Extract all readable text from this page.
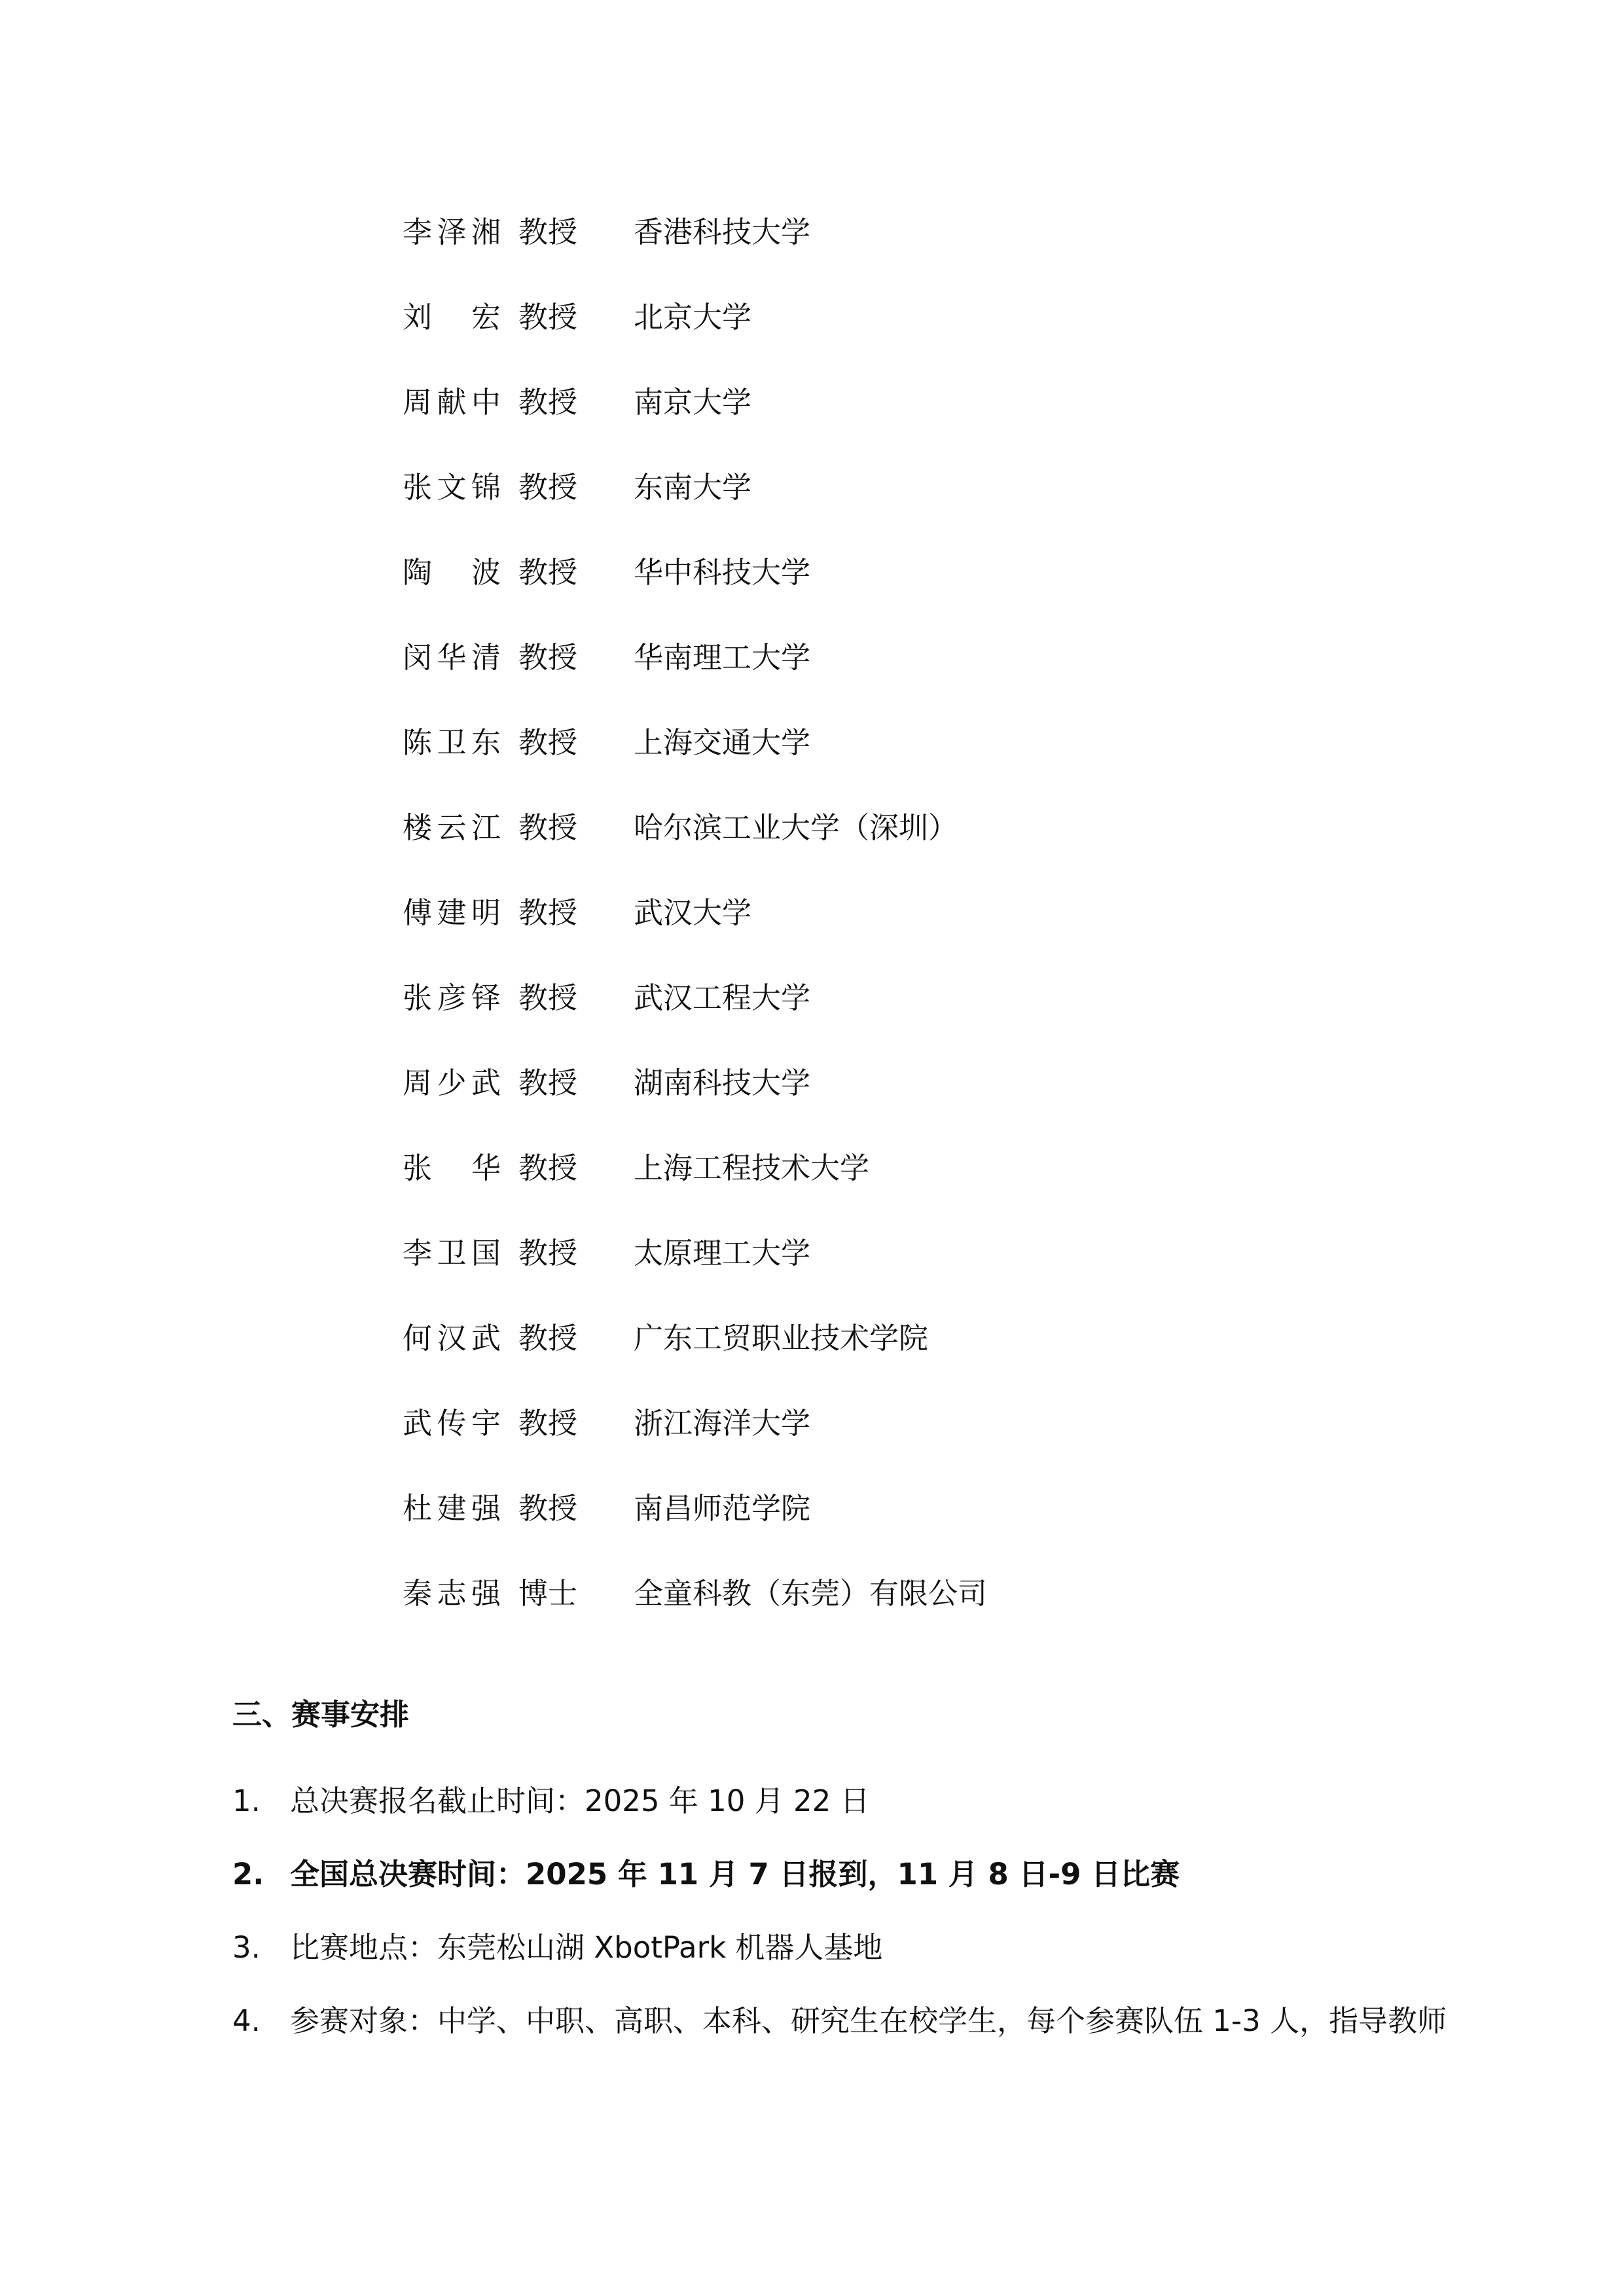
李泽湘 教授 香港科技大学
刘宏 教授 北京大学
周献中 教授 南京大学
张文锦 教授 东南大学
陶波 教授 华中科技大学
闵华清 教授 华南理工大学
陈卫东 教授 上海交通大学
楼云江 教授 哈尔滨工业大学（深圳）
傅建明 教授 武汉大学
张彦铎 教授 武汉工程大学
周少武 教授 湖南科技大学
张华 教授 上海工程技术大学
李卫国 教授 太原理工大学
何汉武 教授 广东工贸职业技术学院
武传宇 教授 浙江海洋大学
杜建强 教授 南昌师范学院
秦志强 博士 全童科教（东莞）有限公司
三、赛事安排
1. 总决赛报名截止时间：2025 年 10 月 22 日
2. 全国总决赛时间：2025 年 11 月 7 日报到，11 月 8 日-9 日比赛
3. 比赛地点：东莞松山湖 XbotPark 机器人基地
4. 参赛对象：中学、中职、高职、本科、研究生在校学生，每个参赛队伍 1-3 人，指导教师
